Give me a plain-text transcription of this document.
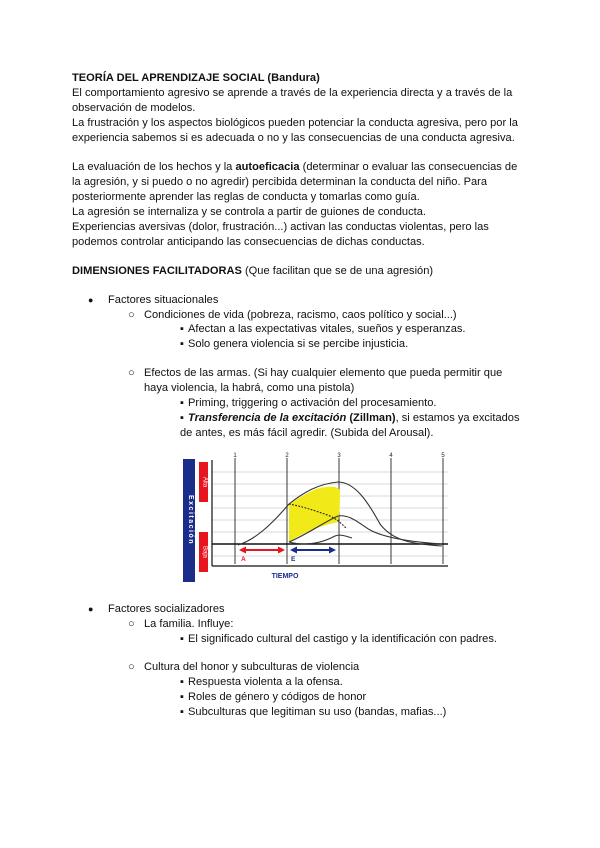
TEORÍA DEL APRENDIZAJE SOCIAL (Bandura)
El comportamiento agresivo se aprende a través de la experiencia directa y a través de la
observación de modelos.
La frustración y los aspectos biológicos pueden potenciar la conducta agresiva, pero por la
experiencia sabemos si es adecuada o no y las consecuencias de una conducta agresiva.
La evaluación de los hechos y la autoeficacia (determinar o evaluar las consecuencias de
la agresión, y si puedo o no agredir) percibida determinan la conducta del niño. Para
posteriormente aprender las reglas de conducta y tomarlas como guía.
La agresión se internaliza y se controla a partir de guiones de conducta.
Experiencias aversivas (dolor, frustración...) activan las conductas violentas, pero las
podemos controlar anticipando las consecuencias de dichas conductas.
DIMENSIONES FACILITADORAS (Que facilitan que se de una agresión)
● Factores situacionales
○ Condiciones de vida (pobreza, racismo, caos político y social...)
▪ Afectan a las expectativas vitales, sueños y esperanzas.
▪ Solo genera violencia si se percibe injusticia.
○ Efectos de las armas. (Si hay cualquier elemento que pueda permitir que
haya violencia, la habrá, como una pistola)
▪ Priming, triggering o activación del procesamiento.
▪ Transferencia de la excitación (Zillman), si estamos ya excitados
de antes, es más fácil agredir. (Subida del Arousal).
Alta
Baja
Excitación
1	2	3	4	5
A	E
TIEMPO
● Factores socializadores
○ La familia. Influye:
▪ El significado cultural del castigo y la identificación con padres.
○ Cultura del honor y subculturas de violencia
▪ Respuesta violenta a la ofensa.
▪ Roles de género y códigos de honor
▪ Subculturas que legitiman su uso (bandas, mafias...)
